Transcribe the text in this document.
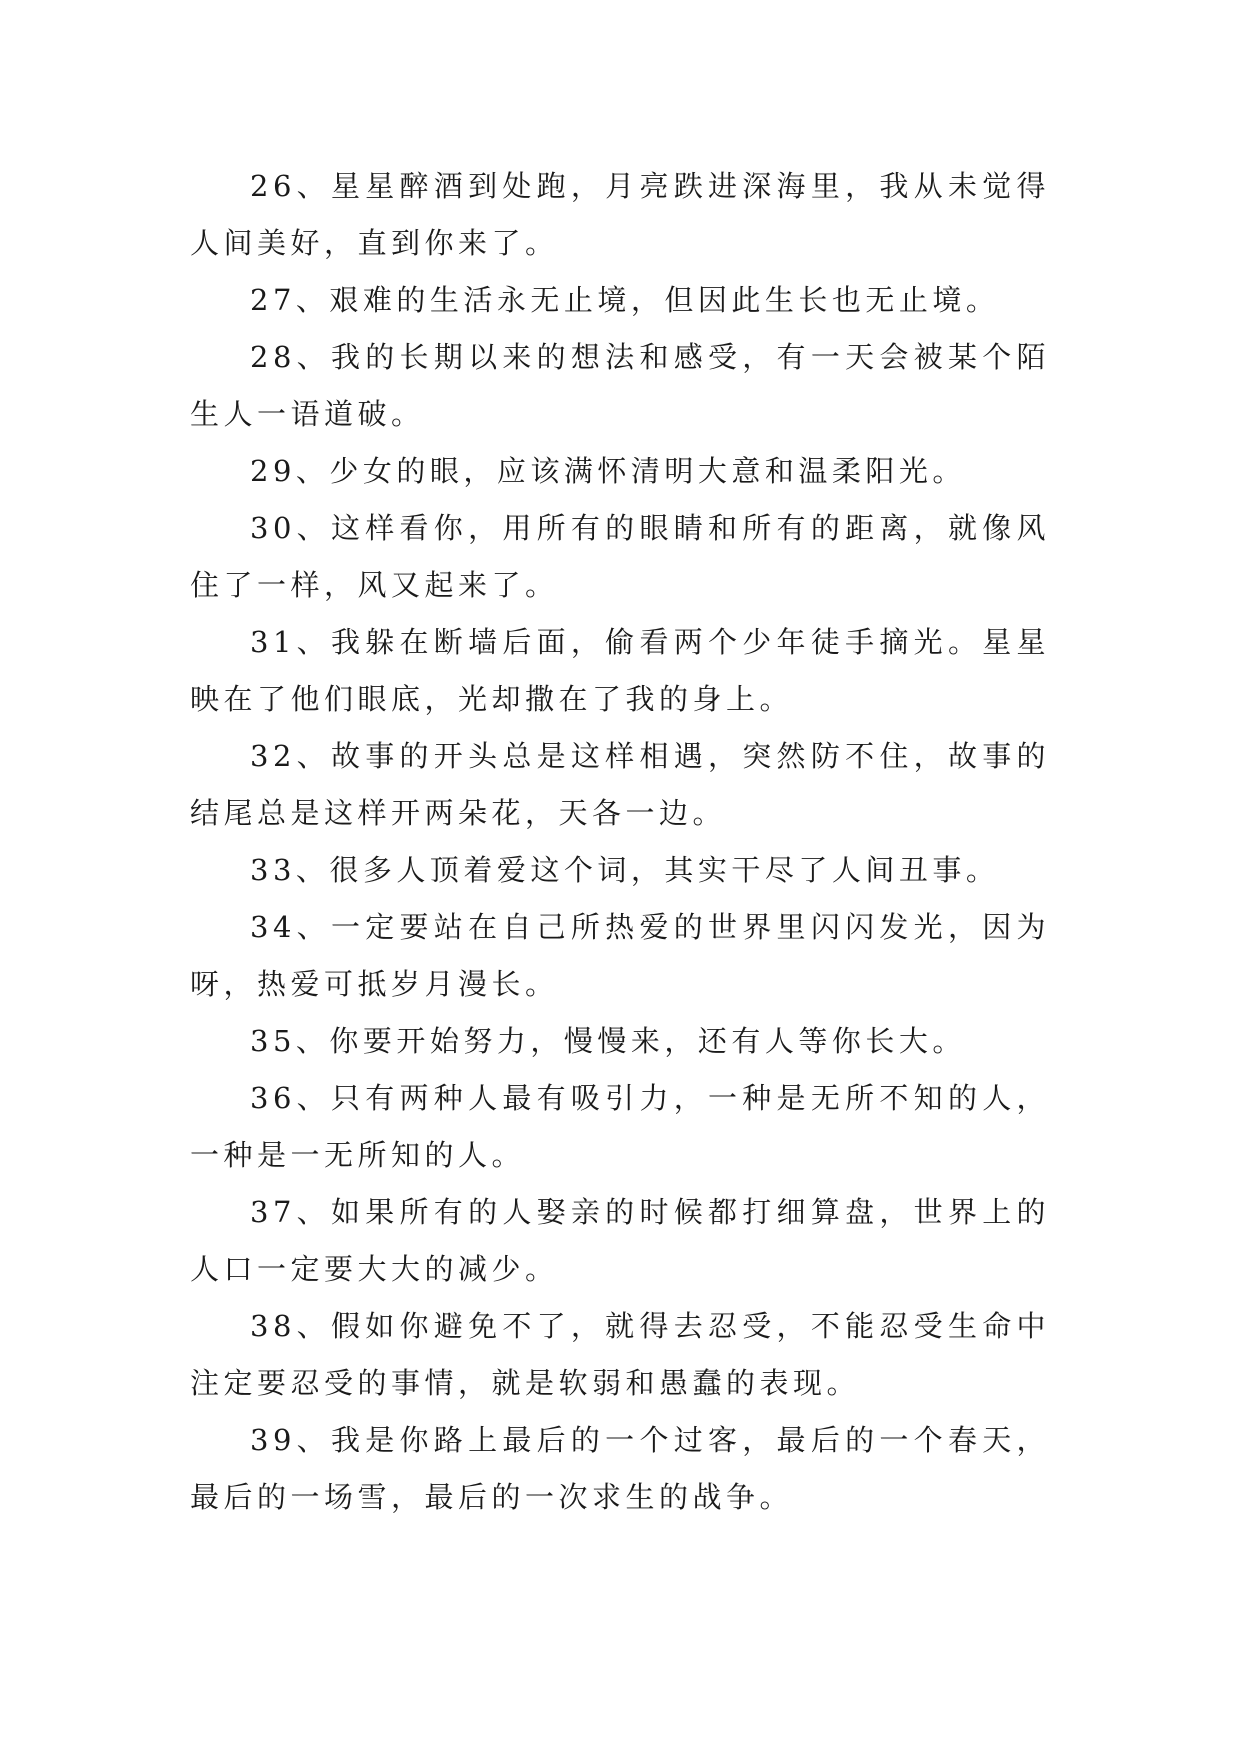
26、星星醉酒到处跑，月亮跌进深海里，我从未觉得人间美好，直到你来了。

27、艰难的生活永无止境，但因此生长也无止境。

28、我的长期以来的想法和感受，有一天会被某个陌生人一语道破。

29、少女的眼，应该满怀清明大意和温柔阳光。

30、这样看你，用所有的眼睛和所有的距离，就像风住了一样，风又起来了。

31、我躲在断墙后面，偷看两个少年徒手摘光。星星映在了他们眼底，光却撒在了我的身上。

32、故事的开头总是这样相遇，突然防不住，故事的结尾总是这样开两朵花，天各一边。

33、很多人顶着爱这个词，其实干尽了人间丑事。

34、一定要站在自己所热爱的世界里闪闪发光，因为呀，热爱可抵岁月漫长。

35、你要开始努力，慢慢来，还有人等你长大。

36、只有两种人最有吸引力，一种是无所不知的人，一种是一无所知的人。

37、如果所有的人娶亲的时候都打细算盘，世界上的人口一定要大大的减少。

38、假如你避免不了，就得去忍受，不能忍受生命中注定要忍受的事情，就是软弱和愚蠢的表现。

39、我是你路上最后的一个过客，最后的一个春天，最后的一场雪，最后的一次求生的战争。
